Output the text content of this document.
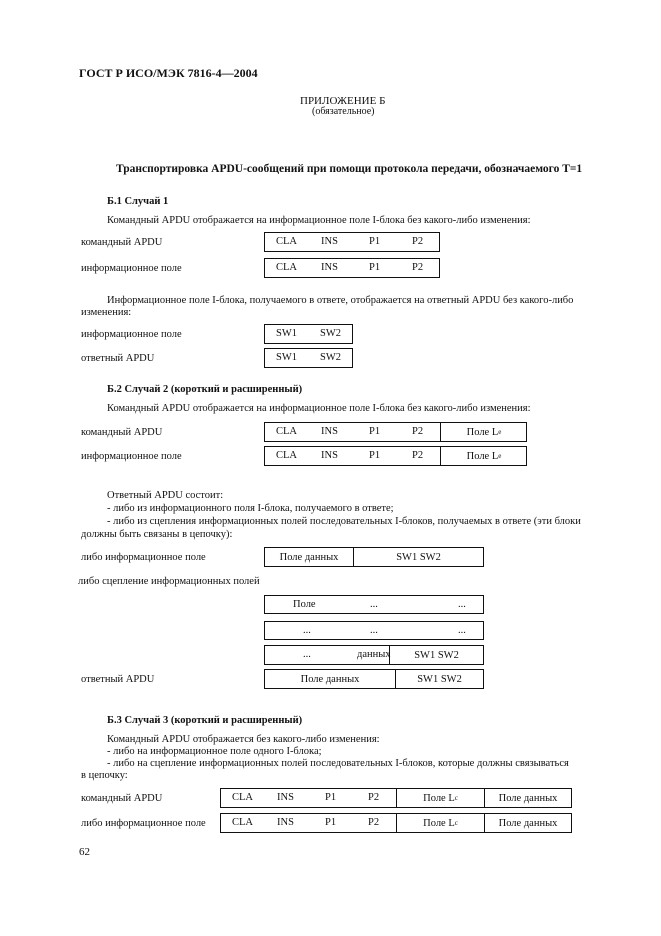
ГОСТ Р ИСО/МЭК 7816-4—2004
ПРИЛОЖЕНИЕ Б
(обязательное)
Транспортировка APDU-сообщений при помощи протокола передачи, обозначаемого Т=1
Б.1 Случай 1
Командный APDU отображается на информационное поле I-блока без какого-либо изменения:
командный APDU	CLA INS	P1	P2
информационное поле	CLA INS	P1	P2
Информационное поле I-блока, получаемого в ответе, отображается на ответный APDU без какого-либо
изменения:
информационное поле	SW1 SW2
ответный APDU	SW1 SW2
Б.2 Случай 2 (короткий и расширенный)
Командный APDU отображается на информационное поле I-блока без какого-либо изменения:
командный APDU	CLA INS	P1	P2	Поле L e
информационное поле	CLA INS	P1	P2	Поле L e
Ответный APDU состоит:
- либо из информационного поля I-блока, получаемого в ответе;
- либо из сцепления информационных полей последовательных I-блоков, получаемых в ответе (эти блоки
должны быть связаны в цепочку):
либо информационное поле	Поле данных	SW1 SW2
либо сцепление информационных полей
Поле	...	...
...	...	...
...	данных	SW1 SW2
ответный APDU	Поле данных	SW1 SW2
Б.3 Случай 3 (короткий и расширенный)
Командный APDU отображается без какого-либо изменения:
- либо на информационное поле одного I-блока;
- либо на сцепление информационных полей последовательных I-блоков, которые должны связываться
в цепочку:
командный APDU	CLA INS	P1	P2	Поле L c	Поле данных
либо информационное поле	CLA INS	P1	P2	Поле L c	Поле данных
62
